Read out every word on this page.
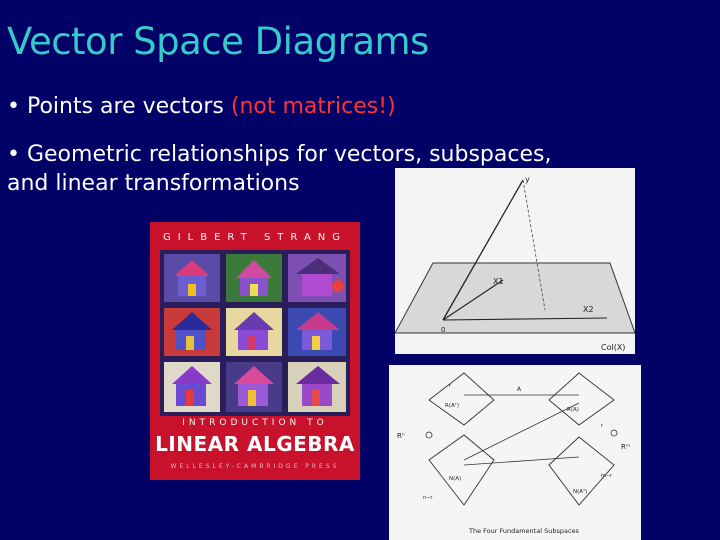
Vector Space Diagrams
• Points are vectors (not matrices!)
• Geometric relationships for vectors, subspaces,
and linear transformations
GILBERT STRANG
INTRODUCTION TO
LINEAR ALGEBRA
WELLESLEY-CAMBRIDGE PRESS
y
X1
X2
0
Col(X)
A
Rⁿ
Rᵐ
R(Aᵀ)
N(A)
R(A)
N(Aᵀ)
r
r
n−r
m−r
The Four Fundamental Subspaces
